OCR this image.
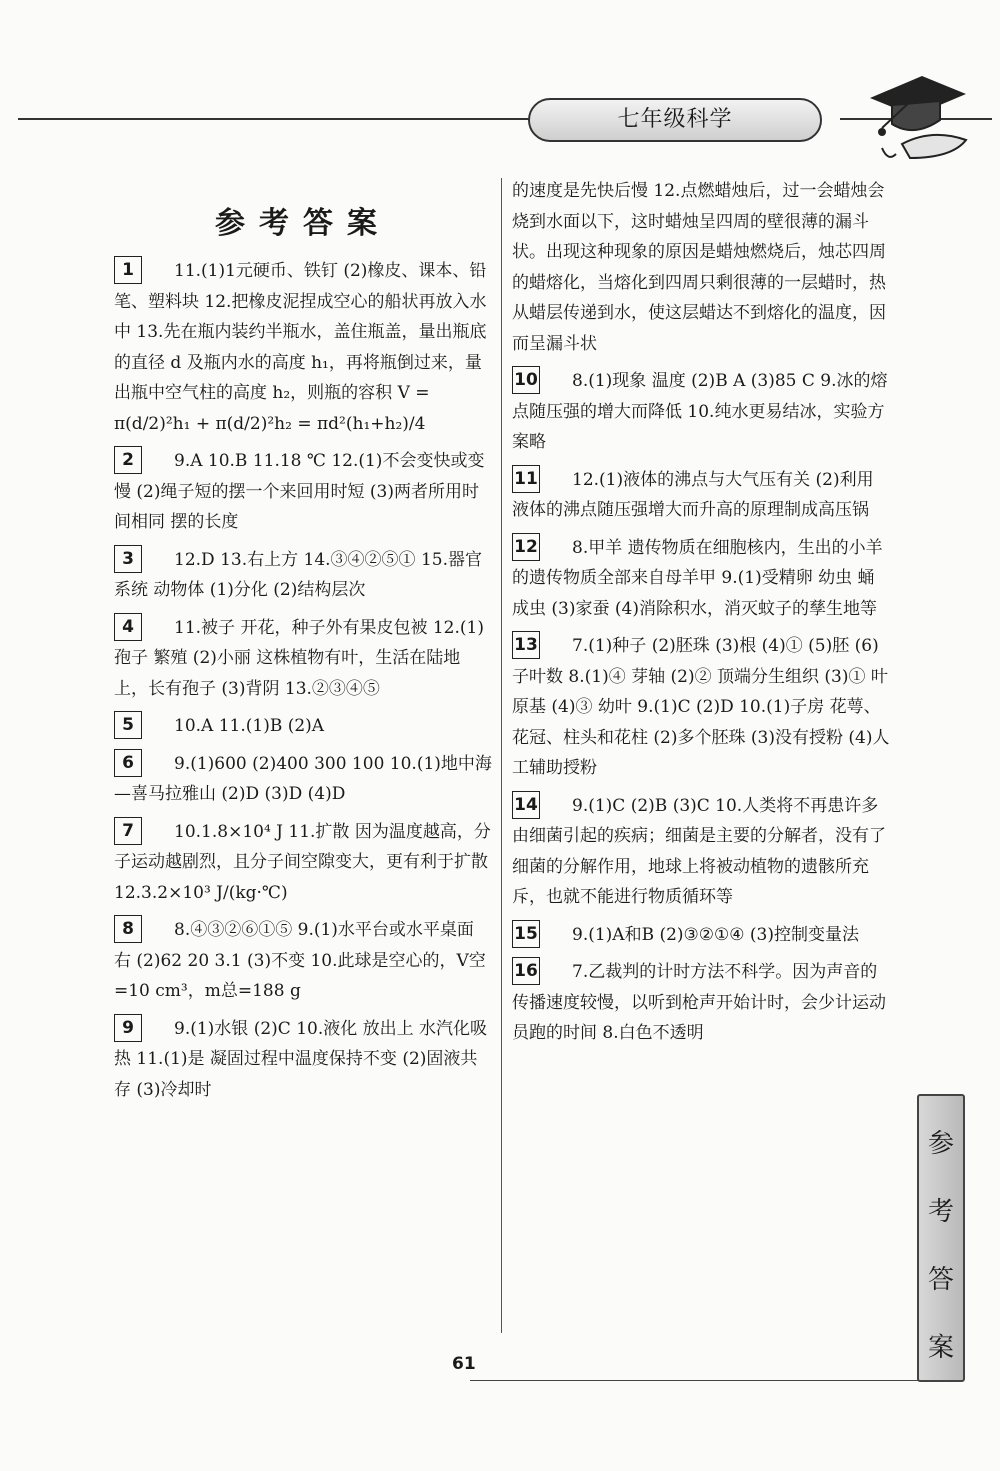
七年级科学
参考答案
1 11.(1)1元硬币、铁钉 (2)橡皮、课本、铅笔、塑料块 12.把橡皮泥捏成空心的船状再放入水中 13.先在瓶内装约半瓶水，盖住瓶盖，量出瓶底的直径 d 及瓶内水的高度 h₁，再将瓶倒过来，量出瓶中空气柱的高度 h₂，则瓶的容积 V = π(d/2)²h₁ + π(d/2)²h₂ = πd²(h₁+h₂)/4
2 9.A 10.B 11.18 ℃ 12.(1)不会变快或变慢 (2)绳子短的摆一个来回用时短 (3)两者所用时间相同 摆的长度
3 12.D 13.右上方 14.③④②⑤① 15.器官 系统 动物体 (1)分化 (2)结构层次
4 11.被子 开花，种子外有果皮包被 12.(1)孢子 繁殖 (2)小丽 这株植物有叶，生活在陆地上，长有孢子 (3)背阴 13.②③④⑤
5 10.A 11.(1)B (2)A
6 9.(1)600 (2)400 300 100 10.(1)地中海—喜马拉雅山 (2)D (3)D (4)D
7 10.1.8×10⁴ J 11.扩散 因为温度越高，分子运动越剧烈，且分子间空隙变大，更有利于扩散 12.3.2×10³ J/(kg·℃)
8 8.④③②⑥①⑤ 9.(1)水平台或水平桌面 右 (2)62 20 3.1 (3)不变 10.此球是空心的，V空=10 cm³，m总=188 g
9 9.(1)水银 (2)C 10.液化 放出上 水汽化吸热 11.(1)是 凝固过程中温度保持不变 (2)固液共存 (3)冷却时
的速度是先快后慢 12.点燃蜡烛后，过一会蜡烛会烧到水面以下，这时蜡烛呈四周的壁很薄的漏斗状。出现这种现象的原因是蜡烛燃烧后，烛芯四周的蜡熔化，当熔化到四周只剩很薄的一层蜡时，热从蜡层传递到水，使这层蜡达不到熔化的温度，因而呈漏斗状
10 8.(1)现象 温度 (2)B A (3)85 C 9.冰的熔点随压强的增大而降低 10.纯水更易结冰，实验方案略
11 12.(1)液体的沸点与大气压有关 (2)利用液体的沸点随压强增大而升高的原理制成高压锅
12 8.甲羊 遗传物质在细胞核内，生出的小羊的遗传物质全部来自母羊甲 9.(1)受精卵 幼虫 蛹 成虫 (3)家蚕 (4)消除积水，消灭蚊子的孳生地等
13 7.(1)种子 (2)胚珠 (3)根 (4)① (5)胚 (6)子叶数 8.(1)④ 芽轴 (2)② 顶端分生组织 (3)① 叶原基 (4)③ 幼叶 9.(1)C (2)D 10.(1)子房 花萼、花冠、柱头和花柱 (2)多个胚珠 (3)没有授粉 (4)人工辅助授粉
14 9.(1)C (2)B (3)C 10.人类将不再患许多由细菌引起的疾病；细菌是主要的分解者，没有了细菌的分解作用，地球上将被动植物的遗骸所充斥，也就不能进行物质循环等
15 9.(1)A和B (2)③②①④ (3)控制变量法
16 7.乙裁判的计时方法不科学。因为声音的传播速度较慢，以听到枪声开始计时，会少计运动员跑的时间 8.白色不透明
参
考
答
案
61
